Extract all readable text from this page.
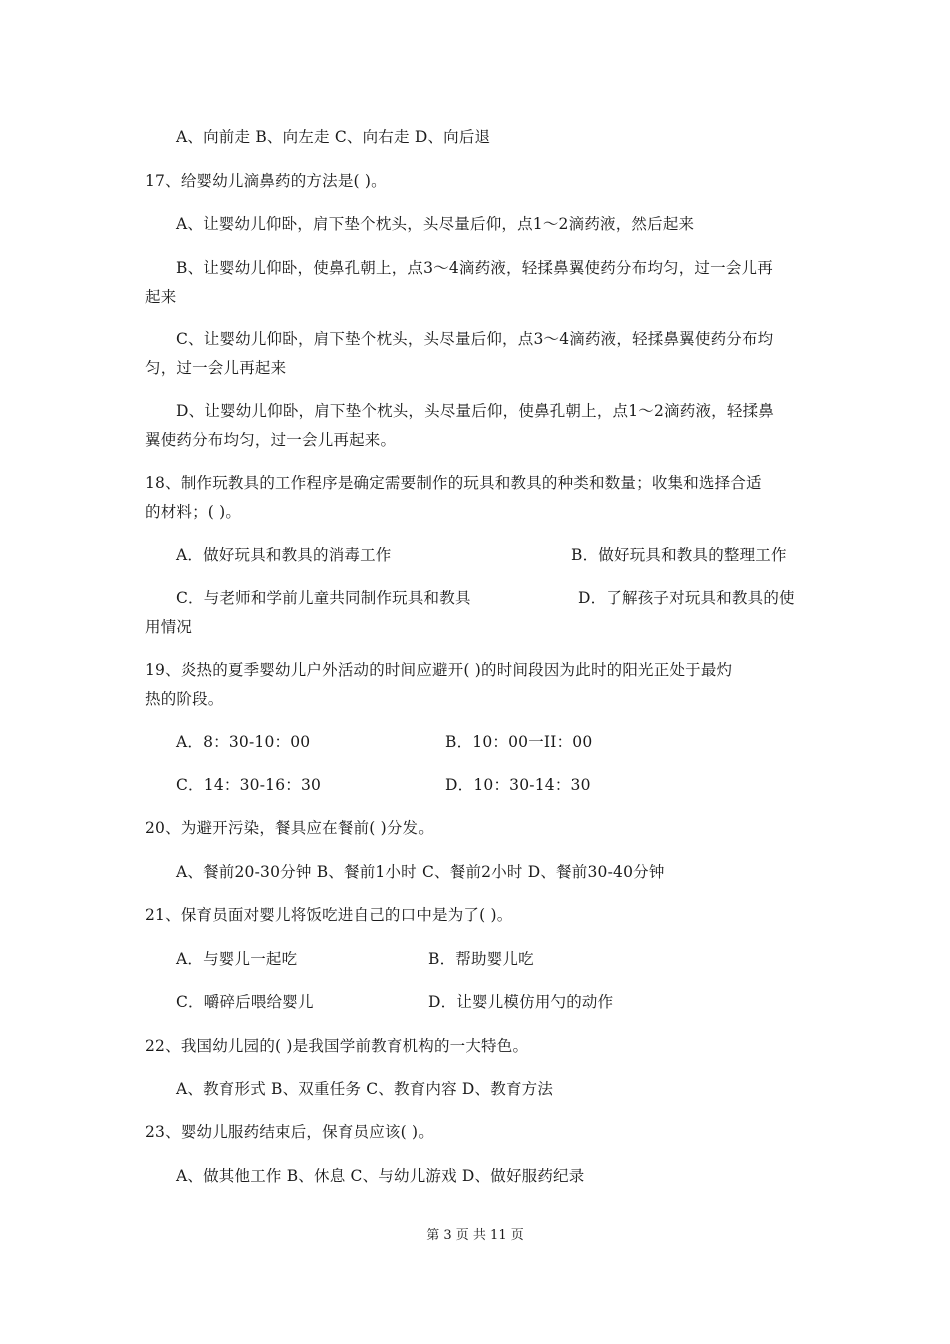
A、向前走 B、向左走 C、向右走 D、向后退
17、给婴幼儿滴鼻药的方法是( )。
A、让婴幼儿仰卧，肩下垫个枕头，头尽量后仰，点1～2滴药液，然后起来
B、让婴幼儿仰卧，使鼻孔朝上，点3～4滴药液，轻揉鼻翼使药分布均匀，过一会儿再
起来
C、让婴幼儿仰卧，肩下垫个枕头，头尽量后仰，点3～4滴药液，轻揉鼻翼使药分布均
匀，过一会儿再起来
D、让婴幼儿仰卧，肩下垫个枕头，头尽量后仰，使鼻孔朝上，点1～2滴药液，轻揉鼻
翼使药分布均匀，过一会儿再起来。
18、制作玩教具的工作程序是确定需要制作的玩具和教具的种类和数量；收集和选择合适
的材料；( )。
A．做好玩具和教具的消毒工作	B．做好玩具和教具的整理工作
C．与老师和学前儿童共同制作玩具和教具	D．了解孩子对玩具和教具的使
用情况
19、炎热的夏季婴幼儿户外活动的时间应避开( )的时间段因为此时的阳光正处于最灼
热的阶段。
A．8：30-10：00	B．10：00一II：00
C．14：30-16：30	D．10：30-14：30
20、为避开污染，餐具应在餐前( )分发。
A、餐前20-30分钟 B、餐前1小时 C、餐前2小时 D、餐前30-40分钟
21、保育员面对婴儿将饭吃进自己的口中是为了( )。
A．与婴儿一起吃	B．帮助婴儿吃
C．嚼碎后喂给婴儿	D．让婴儿模仿用勺的动作
22、我国幼儿园的( )是我国学前教育机构的一大特色。
A、教育形式 B、双重任务 C、教育内容 D、教育方法
23、婴幼儿服药结束后，保育员应该( )。
A、做其他工作 B、休息 C、与幼儿游戏 D、做好服药纪录
第 3 页 共 11 页
